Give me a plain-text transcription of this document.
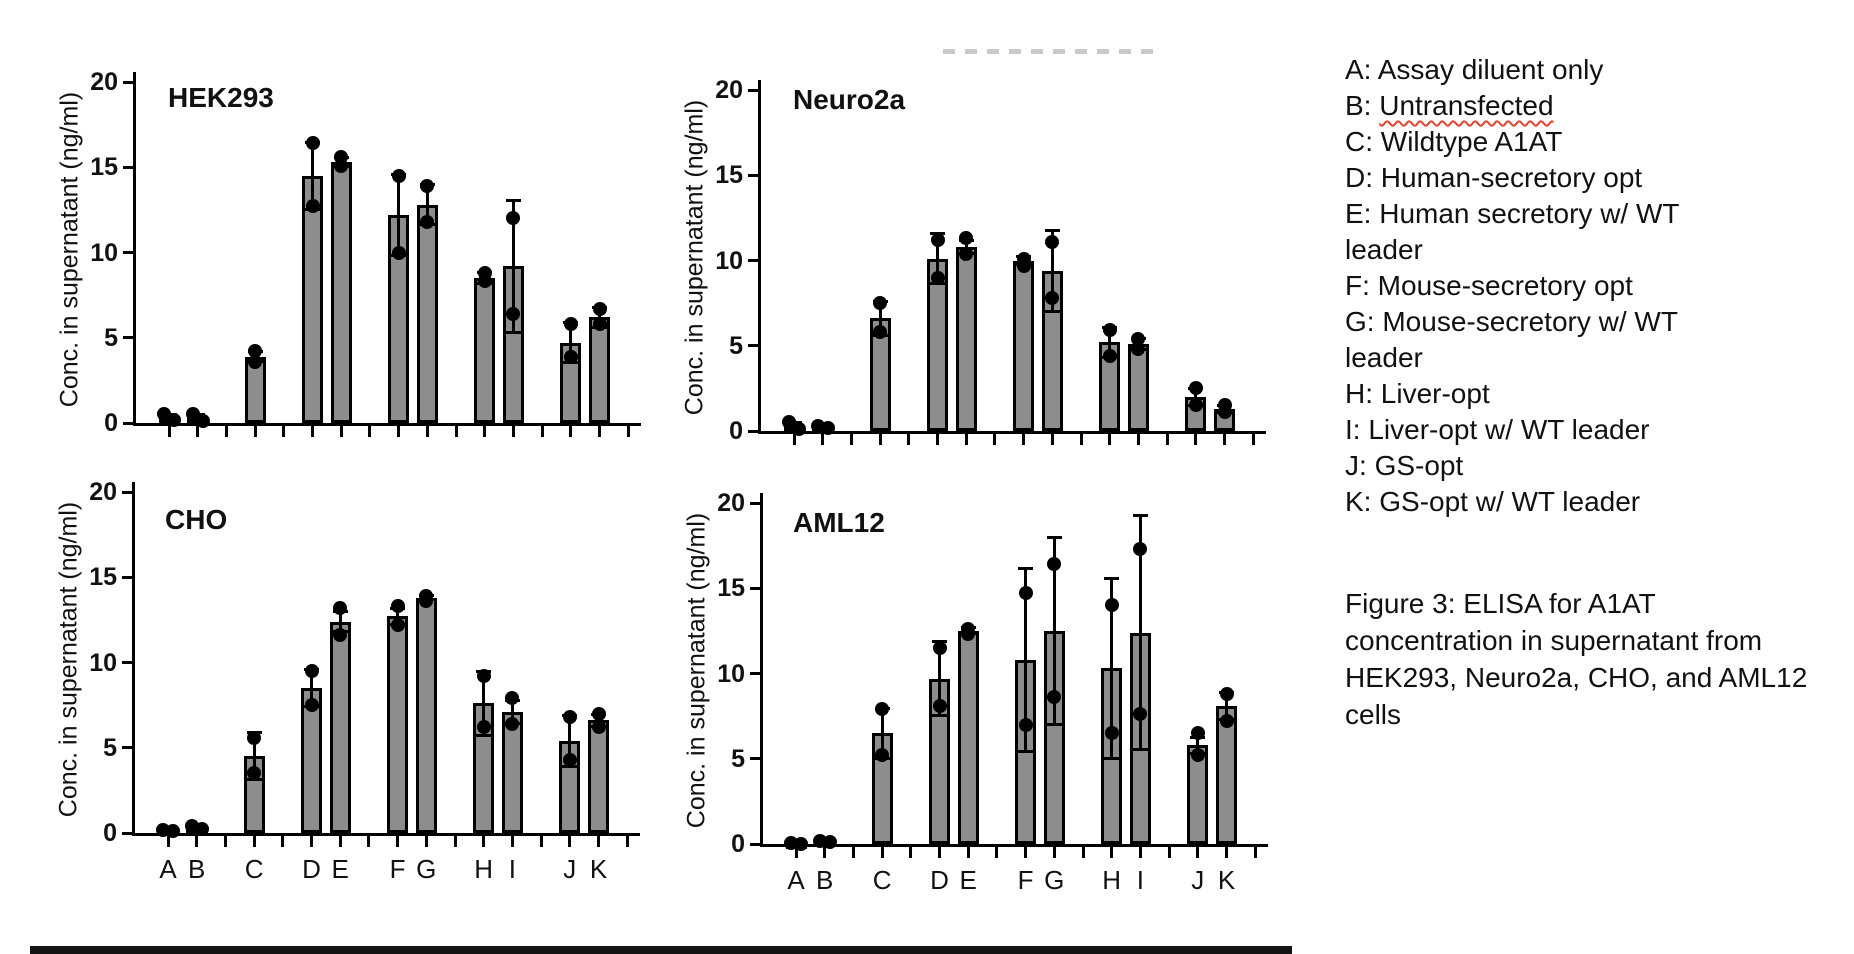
HEK293
Conc. in supernatant (ng/ml)
0
5
10
15
20
Neuro2a
Conc. in supernatant (ng/ml)
0
5
10
15
20
CHO
Conc. in supernatant (ng/ml)
0
5
10
15
20
A B	C	D E	F G	H I	J K
AML12
Conc. in supernatant (ng/ml)
0
5
10
15
20
A B	C	D E	F G	H I	J K
A: Assay diluent only
B: Untransfected
C: Wildtype A1AT
D: Human-secretory opt
E: Human secretory w/ WT leader
F: Mouse-secretory opt
G: Mouse-secretory w/ WT leader
H: Liver-opt
I: Liver-opt w/ WT leader
J: GS-opt
K: GS-opt w/ WT leader
Figure 3: ELISA for A1AT concentration in supernatant from HEK293, Neuro2a, CHO, and AML12 cells
